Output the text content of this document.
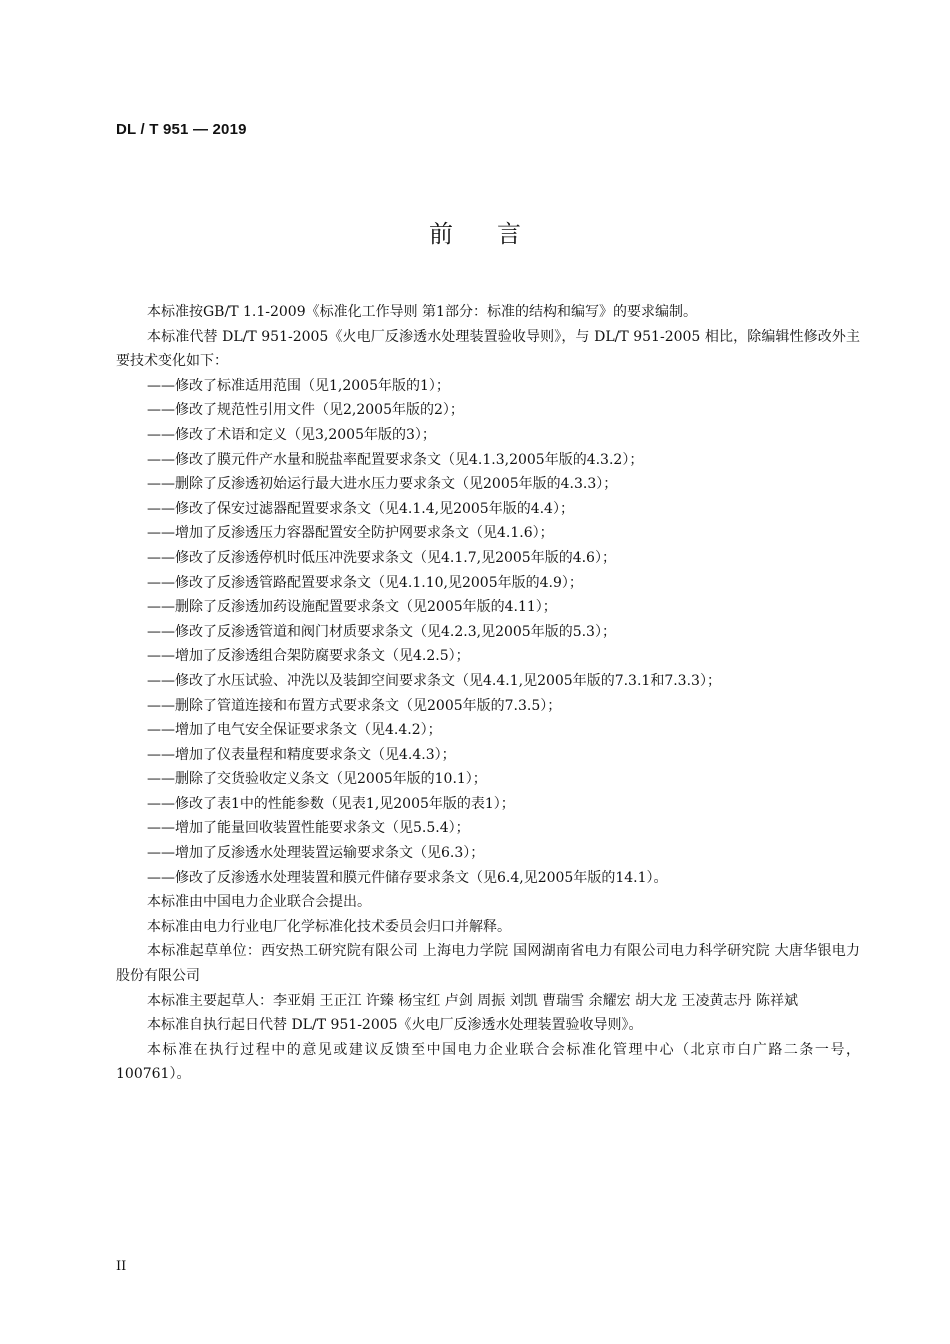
DL / T 951 — 2019
前言

本标准按GB/T 1.1-2009《标准化工作导则 第1部分：标准的结构和编写》的要求编制。

本标准代替 DL/T 951-2005《火电厂反渗透水处理装置验收导则》，与 DL/T 951-2005 相比，除编辑性修改外主要技术变化如下：

——修改了标准适用范围（见1,2005年版的1）；

——修改了规范性引用文件（见2,2005年版的2）；

——修改了术语和定义（见3,2005年版的3）；

——修改了膜元件产水量和脱盐率配置要求条文（见4.1.3,2005年版的4.3.2）；

——删除了反渗透初始运行最大进水压力要求条文（见2005年版的4.3.3）；

——修改了保安过滤器配置要求条文（见4.1.4,见2005年版的4.4）；

——增加了反渗透压力容器配置安全防护网要求条文（见4.1.6）；

——修改了反渗透停机时低压冲洗要求条文（见4.1.7,见2005年版的4.6）；

——修改了反渗透管路配置要求条文（见4.1.10,见2005年版的4.9）；

——删除了反渗透加药设施配置要求条文（见2005年版的4.11）；

——修改了反渗透管道和阀门材质要求条文（见4.2.3,见2005年版的5.3）；

——增加了反渗透组合架防腐要求条文（见4.2.5）；

——修改了水压试验、冲洗以及装卸空间要求条文（见4.4.1,见2005年版的7.3.1和7.3.3）；

——删除了管道连接和布置方式要求条文（见2005年版的7.3.5）；

——增加了电气安全保证要求条文（见4.4.2）；

——增加了仪表量程和精度要求条文（见4.4.3）；

——删除了交货验收定义条文（见2005年版的10.1）；

——修改了表1中的性能参数（见表1,见2005年版的表1）；

——增加了能量回收装置性能要求条文（见5.5.4）；

——增加了反渗透水处理装置运输要求条文（见6.3）；

——修改了反渗透水处理装置和膜元件储存要求条文（见6.4,见2005年版的14.1）。

本标准由中国电力企业联合会提出。

本标准由电力行业电厂化学标准化技术委员会归口并解释。

本标准起草单位：西安热工研究院有限公司 上海电力学院 国网湖南省电力有限公司电力科学研究院 大唐华银电力股份有限公司

本标准主要起草人：李亚娟 王正江 许臻 杨宝红 卢剑 周振 刘凯 曹瑞雪 余耀宏 胡大龙 王凌黄志丹 陈祥斌

本标准自执行起日代替 DL/T 951-2005《火电厂反渗透水处理装置验收导则》。

本标准在执行过程中的意见或建议反馈至中国电力企业联合会标准化管理中心（北京市白广路二条一号，100761）。

II
